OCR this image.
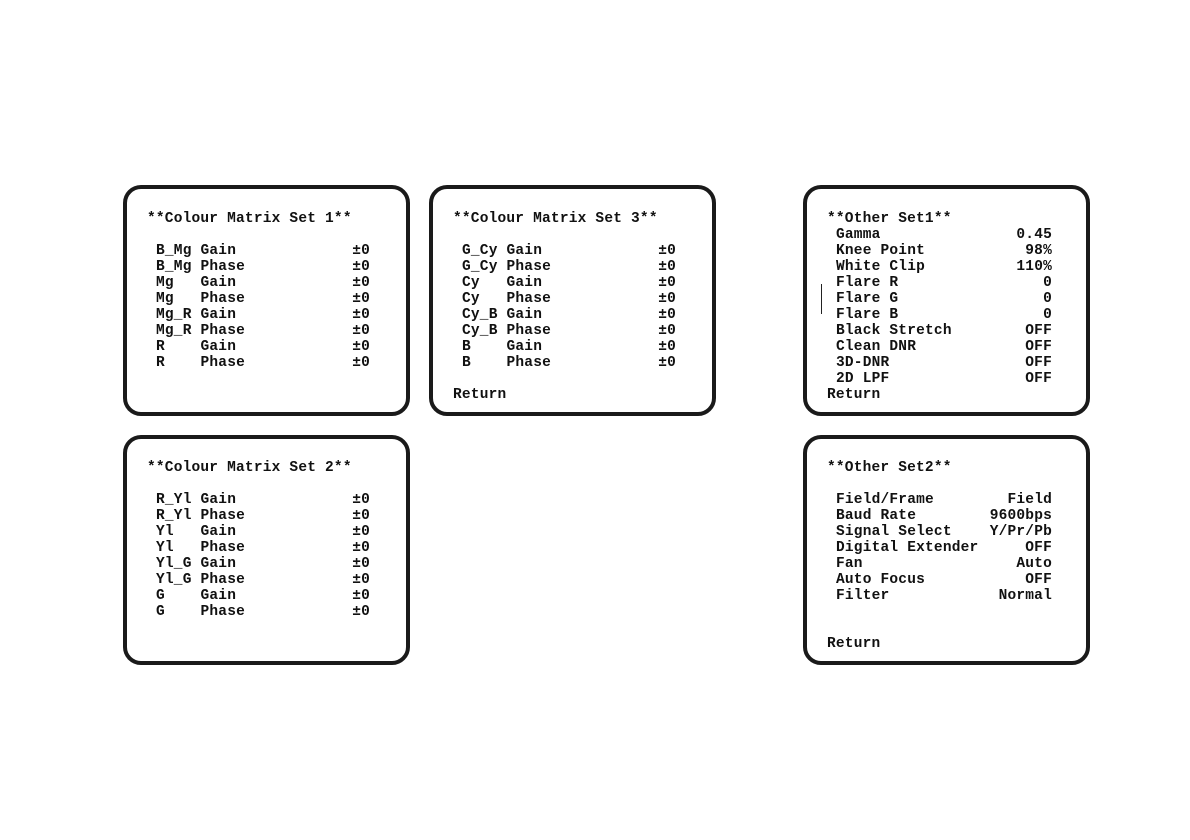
**Colour Matrix Set 1**
B_Mg Gain	±0
B_Mg Phase	±0
Mg   Gain	±0
Mg   Phase	±0
Mg_R Gain	±0
Mg_R Phase	±0
R    Gain	±0
R    Phase	±0
**Colour Matrix Set 2**
R_Yl Gain	±0
R_Yl Phase	±0
Yl   Gain	±0
Yl   Phase	±0
Yl_G Gain	±0
Yl_G Phase	±0
G    Gain	±0
G    Phase	±0
**Colour Matrix Set 3**
G_Cy Gain	±0
G_Cy Phase	±0
Cy   Gain	±0
Cy   Phase	±0
Cy_B Gain	±0
Cy_B Phase	±0
B    Gain	±0
B    Phase	±0
Return
**Other Set1**
Gamma	0.45
Knee Point	98%
White Clip	110%
Flare R	0
Flare G	0
Flare B	0
Black Stretch	OFF
Clean DNR	OFF
3D-DNR	OFF
2D LPF	OFF
Return
**Other Set2**
Field/Frame	Field
Baud Rate	9600bps
Signal Select	Y/Pr/Pb
Digital Extender	OFF
Fan	Auto
Auto Focus	OFF
Filter	Normal
Return
